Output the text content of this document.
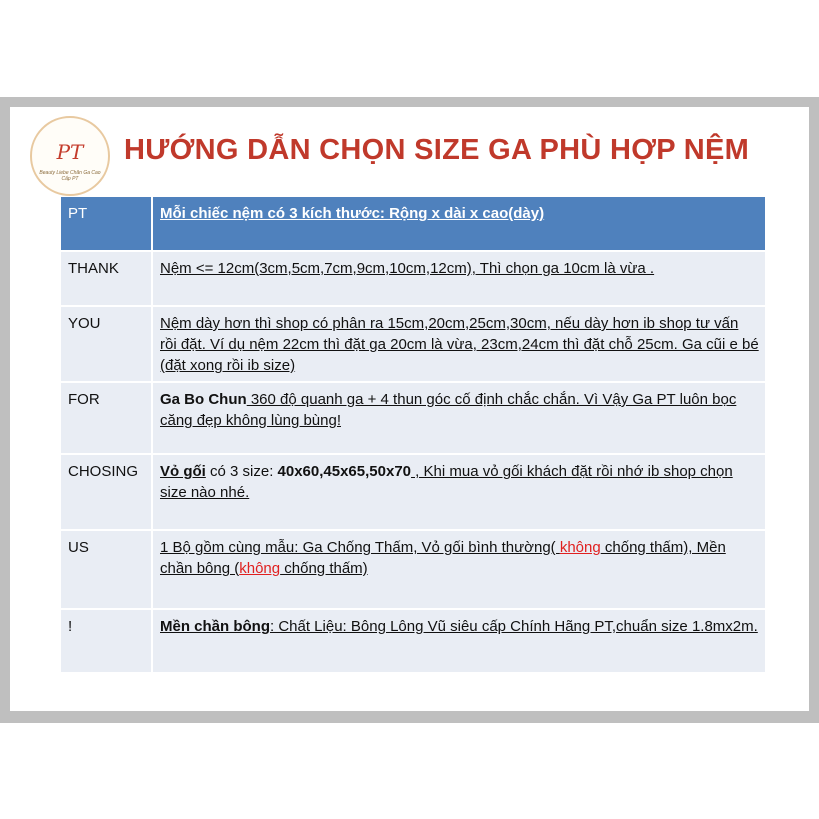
PT
Beauty Liebe Chăn Ga Cao Cấp PT
HƯỚNG DẪN CHỌN SIZE GA PHÙ HỢP NỆM
PT	Mỗi chiếc nệm có 3 kích thước: Rộng x dài x cao(dày)
THANK	Nệm <= 12cm(3cm,5cm,7cm,9cm,10cm,12cm), Thì chọn ga 10cm là vừa .
YOU	Nệm dày hơn thì shop có phân ra 15cm,20cm,25cm,30cm, nếu dày hơn ib shop tư vấn rồi đặt. Ví dụ nệm 22cm thì đặt ga 20cm là vừa, 23cm,24cm thì đặt chỗ 25cm. Ga cũi e bé (đặt xong rồi ib size)
FOR	Ga Bo Chun 360 độ quanh ga + 4 thun góc cố định chắc chắn. Vì Vậy Ga PT luôn bọc căng đẹp không lùng bùng!
CHOSING	Vỏ gối có 3 size: 40x60,45x65,50x70 , Khi mua vỏ gối khách đặt rồi nhớ ib shop chọn size nào nhé.
US	1 Bộ gồm cùng mẫu: Ga Chống Thấm, Vỏ gối bình thường( không chống thấm), Mền chần bông (không chống thấm)
!	Mền chần bông: Chất Liệu: Bông Lông Vũ siêu cấp Chính Hãng PT,chuẩn size 1.8mx2m.
